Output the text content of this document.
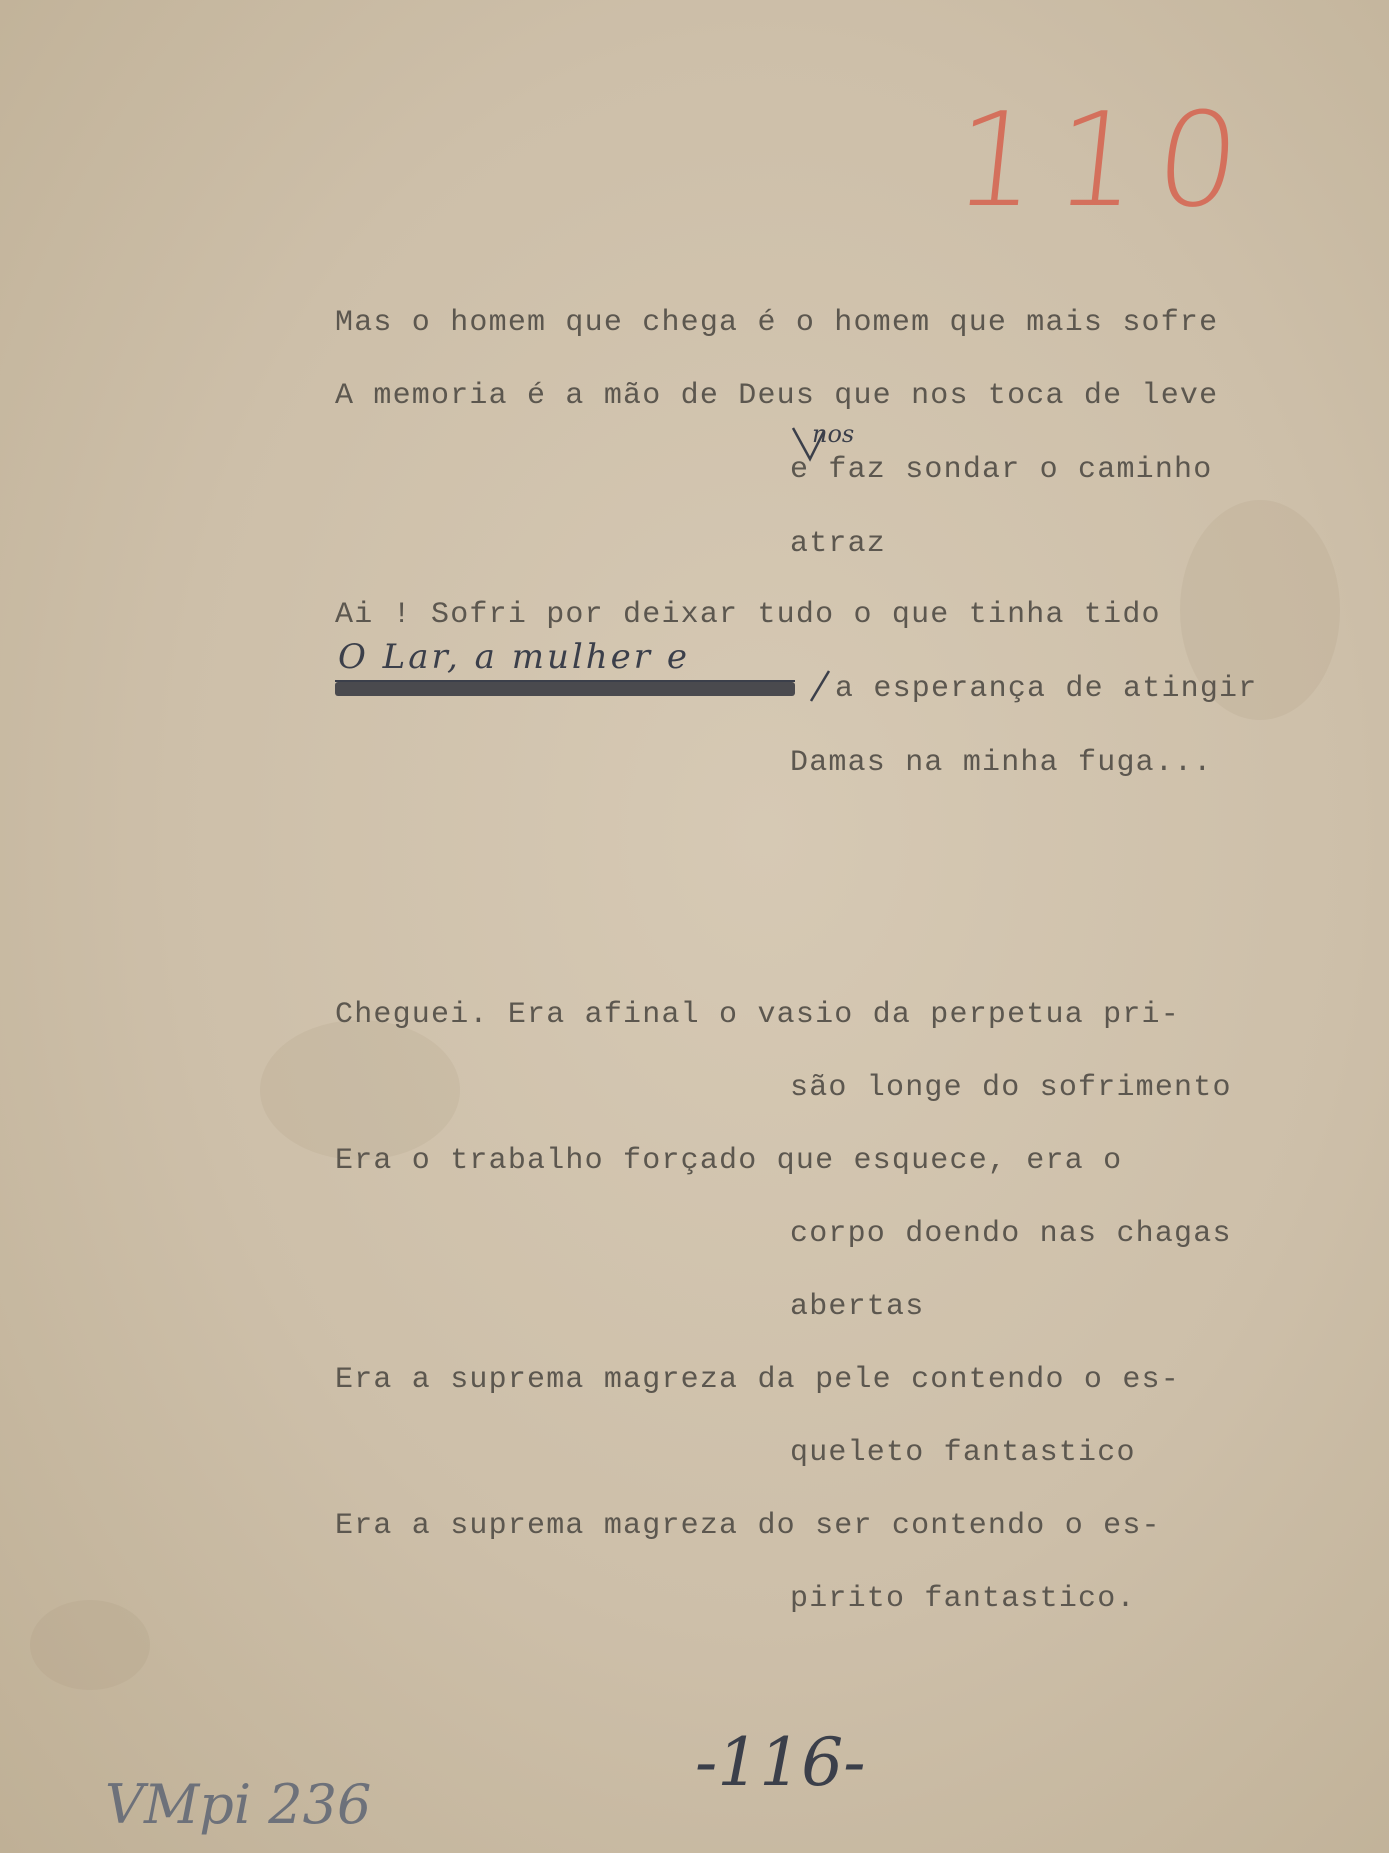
110
Mas o homem que chega é o homem que mais sofre
A memoria é a mão de Deus que nos toca de leve
nos
e faz sondar o caminho
atraz
Ai ! Sofri por deixar tudo o que tinha tido
O Lar, a mulher e
a esperança de atingir
Damas na minha fuga...
Cheguei. Era afinal o vasio da perpetua pri-
são longe do sofrimento
Era o trabalho forçado que esquece, era o
corpo doendo nas chagas
abertas
Era a suprema magreza da pele contendo o es-
queleto fantastico
Era a suprema magreza do ser contendo o es-
pirito fantastico.
-116-
VMpi 236
